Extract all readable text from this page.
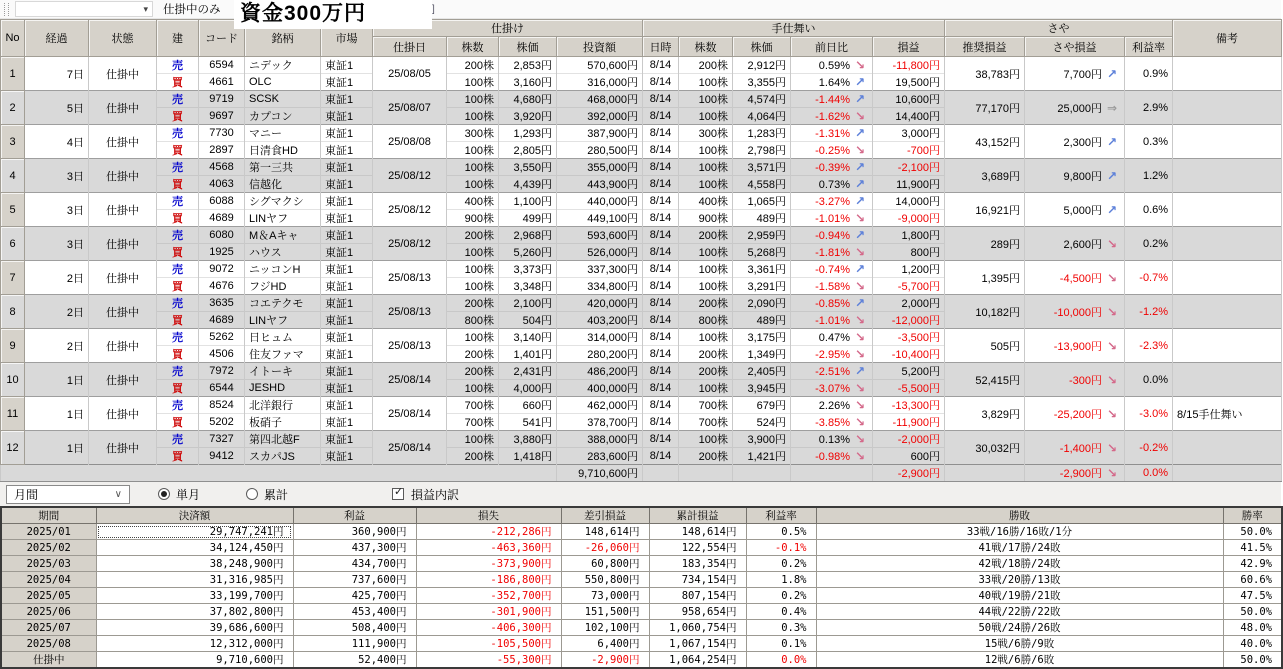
▾ 仕掛中のみ 資金300万円	]
No	経過	状態	建	コード	銘柄	市場	仕掛け				手仕舞い					さや			備考
							仕掛日	株数	株価	投資額	日時	株数	株価	前日比	損益	推奨損益	さや損益	利益率	
1	7日	仕掛中	売	6594	ニデック	東証1	25/08/05	200株	2,853円	570,600円	8/14	200株	2,912円	0.59% ↘	-11,800円	38,783円	7,700円 ↗	0.9%	
			買	4661	OLC	東証1		100株	3,160円	316,000円	8/14	100株	3,355円	1.64% ↗	19,500円				
2	5日	仕掛中	売	9719	SCSK	東証1	25/08/07	100株	4,680円	468,000円	8/14	100株	4,574円	-1.44% ↗	10,600円	77,170円	25,000円 ⇒	2.9%	
			買	9697	カプコン	東証1		100株	3,920円	392,000円	8/14	100株	4,064円	-1.62% ↘	14,400円				
3	4日	仕掛中	売	7730	マニー	東証1	25/08/08	300株	1,293円	387,900円	8/14	300株	1,283円	-1.31% ↗	3,000円	43,152円	2,300円 ↗	0.3%	
			買	2897	日清食HD	東証1		100株	2,805円	280,500円	8/14	100株	2,798円	-0.25% ↘	-700円				
4	3日	仕掛中	売	4568	第一三共	東証1	25/08/12	100株	3,550円	355,000円	8/14	100株	3,571円	-0.39% ↗	-2,100円	3,689円	9,800円 ↗	1.2%	
			買	4063	信越化	東証1		100株	4,439円	443,900円	8/14	100株	4,558円	0.73% ↗	11,900円				
5	3日	仕掛中	売	6088	シグマクシ	東証1	25/08/12	400株	1,100円	440,000円	8/14	400株	1,065円	-3.27% ↗	14,000円	16,921円	5,000円 ↗	0.6%	
			買	4689	LINヤフ	東証1		900株	499円	449,100円	8/14	900株	489円	-1.01% ↘	-9,000円				
6	3日	仕掛中	売	6080	M＆Aキャ	東証1	25/08/12	200株	2,968円	593,600円	8/14	200株	2,959円	-0.94% ↗	1,800円	289円	2,600円 ↘	0.2%	
			買	1925	ハウス	東証1		100株	5,260円	526,000円	8/14	100株	5,268円	-1.81% ↘	800円				
7	2日	仕掛中	売	9072	ニッコンH	東証1	25/08/13	100株	3,373円	337,300円	8/14	100株	3,361円	-0.74% ↗	1,200円	1,395円	-4,500円 ↘	-0.7%	
			買	4676	フジHD	東証1		100株	3,348円	334,800円	8/14	100株	3,291円	-1.58% ↘	-5,700円				
8	2日	仕掛中	売	3635	コエテクモ	東証1	25/08/13	200株	2,100円	420,000円	8/14	200株	2,090円	-0.85% ↗	2,000円	10,182円	-10,000円 ↘	-1.2%	
			買	4689	LINヤフ	東証1		800株	504円	403,200円	8/14	800株	489円	-1.01% ↘	-12,000円				
9	2日	仕掛中	売	5262	日ヒュム	東証1	25/08/13	100株	3,140円	314,000円	8/14	100株	3,175円	0.47% ↘	-3,500円	505円	-13,900円 ↘	-2.3%	
			買	4506	住友ファマ	東証1		200株	1,401円	280,200円	8/14	200株	1,349円	-2.95% ↘	-10,400円				
10	1日	仕掛中	売	7972	イトーキ	東証1	25/08/14	200株	2,431円	486,200円	8/14	200株	2,405円	-2.51% ↗	5,200円	52,415円	-300円 ↘	0.0%	
			買	6544	JESHD	東証1		100株	4,000円	400,000円	8/14	100株	3,945円	-3.07% ↘	-5,500円				
11	1日	仕掛中	売	8524	北洋銀行	東証1	25/08/14	700株	660円	462,000円	8/14	700株	679円	2.26% ↘	-13,300円	3,829円	-25,200円 ↘	-3.0%	8/15手仕舞い
			買	5202	板硝子	東証1		700株	541円	378,700円	8/14	700株	524円	-3.85% ↘	-11,900円				
12	1日	仕掛中	売	7327	第四北越F	東証1	25/08/14	100株	3,880円	388,000円	8/14	100株	3,900円	0.13% ↘	-2,000円	30,032円	-1,400円 ↘	-0.2%	
			買	9412	スカパJS	東証1		200株	1,418円	283,600円	8/14	200株	1,421円	-0.98% ↘	600円				
										9,710,600円					-2,900円		-2,900円 ↘	0.0%	
月間	∨	単月	累計 ✓	損益内訳
期間	決済額	利益	損失	差引損益	累計損益	利益率	勝敗	勝率
2025/01	29,747,241円	360,900円	-212,286円	148,614円	148,614円	0.5%	33戦/16勝/16敗/1分	50.0%
2025/02	34,124,450円	437,300円	-463,360円	-26,060円	122,554円	-0.1%	41戦/17勝/24敗	41.5%
2025/03	38,248,900円	434,700円	-373,900円	60,800円	183,354円	0.2%	42戦/18勝/24敗	42.9%
2025/04	31,316,985円	737,600円	-186,800円	550,800円	734,154円	1.8%	33戦/20勝/13敗	60.6%
2025/05	33,199,700円	425,700円	-352,700円	73,000円	807,154円	0.2%	40戦/19勝/21敗	47.5%
2025/06	37,802,800円	453,400円	-301,900円	151,500円	958,654円	0.4%	44戦/22勝/22敗	50.0%
2025/07	39,686,600円	508,400円	-406,300円	102,100円	1,060,754円	0.3%	50戦/24勝/26敗	48.0%
2025/08	12,312,000円	111,900円	-105,500円	6,400円	1,067,154円	0.1%	15戦/6勝/9敗	40.0%
仕掛中	9,710,600円	52,400円	-55,300円	-2,900円	1,064,254円	0.0%	12戦/6勝/6敗	50.0%
